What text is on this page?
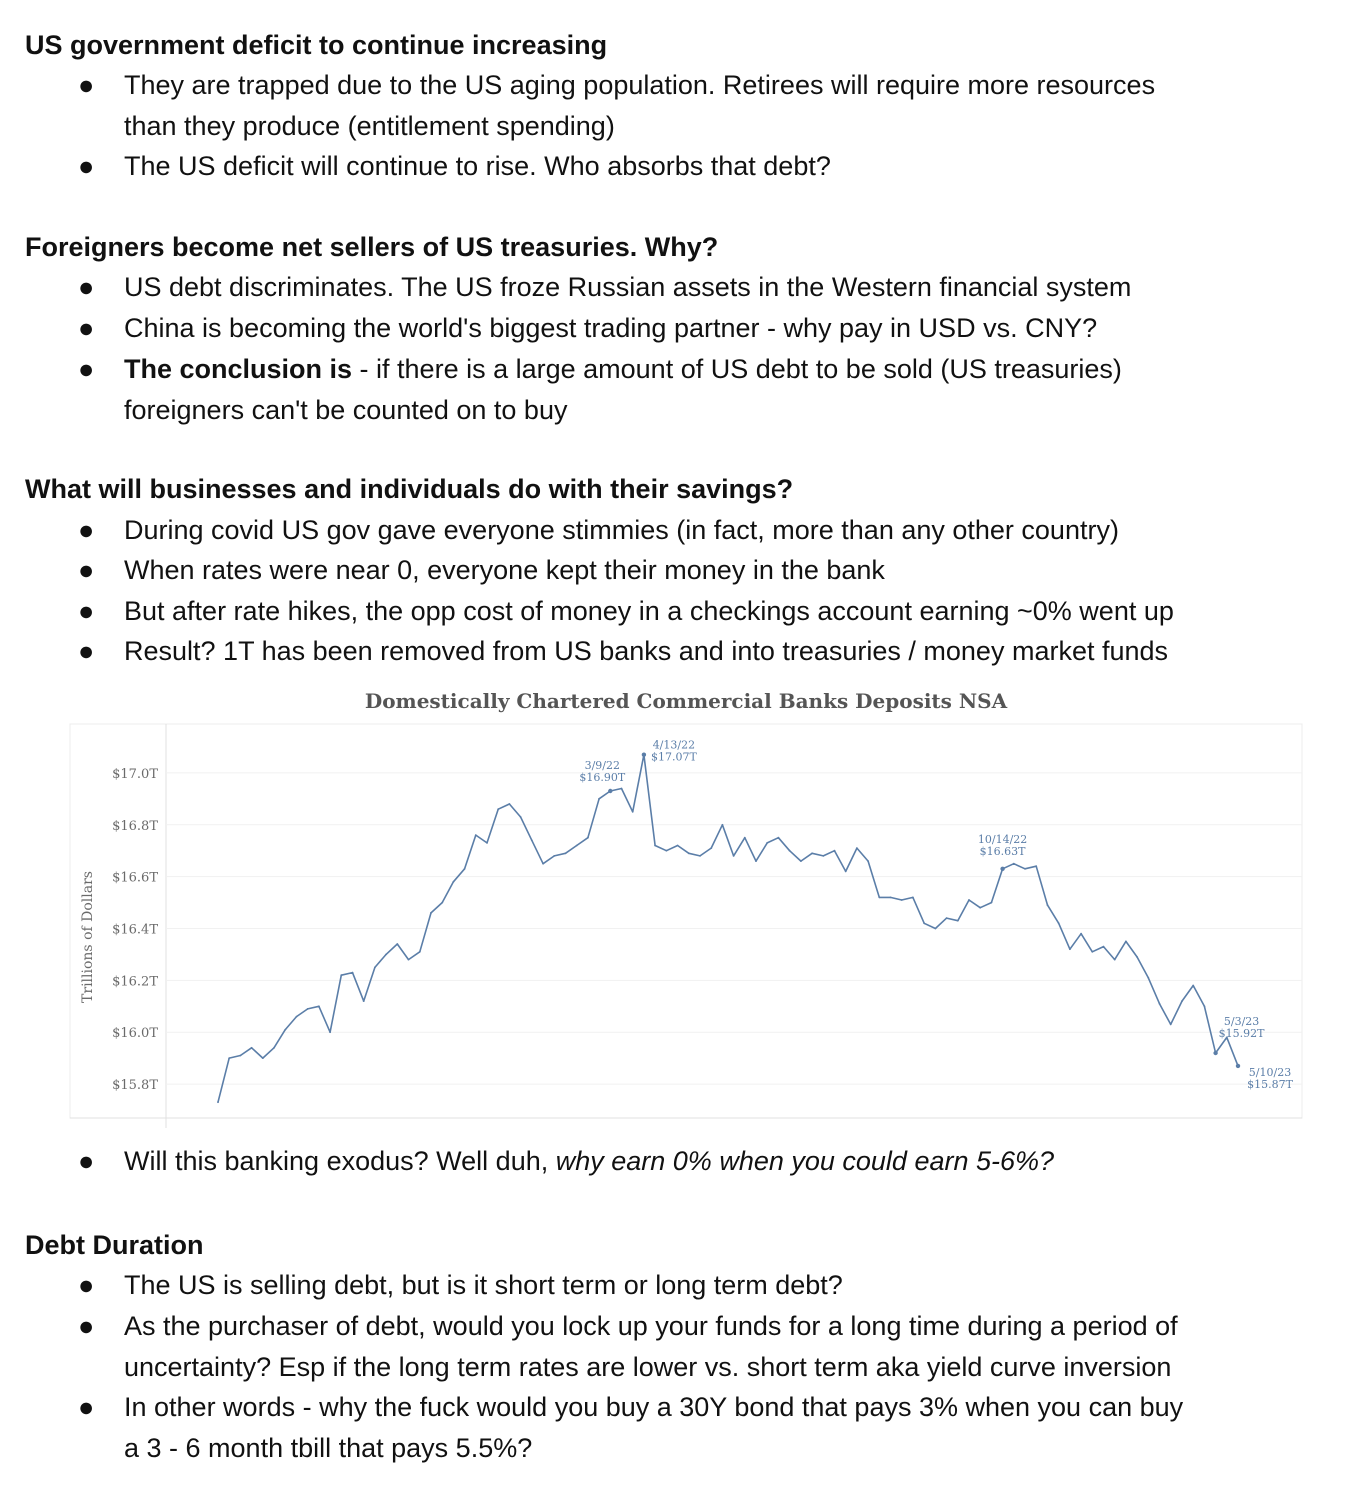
US government deficit to continue increasing
● They are trapped due to the US aging population. Retirees will require more resources
than they produce (entitlement spending)
● The US deficit will continue to rise. Who absorbs that debt?
Foreigners become net sellers of US treasuries. Why?
● US debt discriminates. The US froze Russian assets in the Western financial system
● China is becoming the world's biggest trading partner - why pay in USD vs. CNY?
● The conclusion is - if there is a large amount of US debt to be sold (US treasuries)
foreigners can't be counted on to buy
What will businesses and individuals do with their savings?
● During covid US gov gave everyone stimmies (in fact, more than any other country)
● When rates were near 0, everyone kept their money in the bank
● But after rate hikes, the opp cost of money in a checkings account earning ~0% went up
● Result? 1T has been removed from US banks and into treasuries / money market funds
● Will this banking exodus? Well duh, why earn 0% when you could earn 5-6%?
Debt Duration
● The US is selling debt, but is it short term or long term debt?
● As the purchaser of debt, would you lock up your funds for a long time during a period of
uncertainty? Esp if the long term rates are lower vs. short term aka yield curve inversion
● In other words - why the fuck would you buy a 30Y bond that pays 3% when you can buy
a 3 - 6 month tbill that pays 5.5%?
Domestically Chartered Commercial Banks Deposits NSA
Trillions of Dollars
$15.8T
$16.0T
$16.2T
$16.4T
$16.6T
$16.8T
$17.0T
3/9/22
$16.90T
4/13/22
$17.07T
10/14/22
$16.63T
5/3/23
$15.92T
5/10/23
$15.87T
